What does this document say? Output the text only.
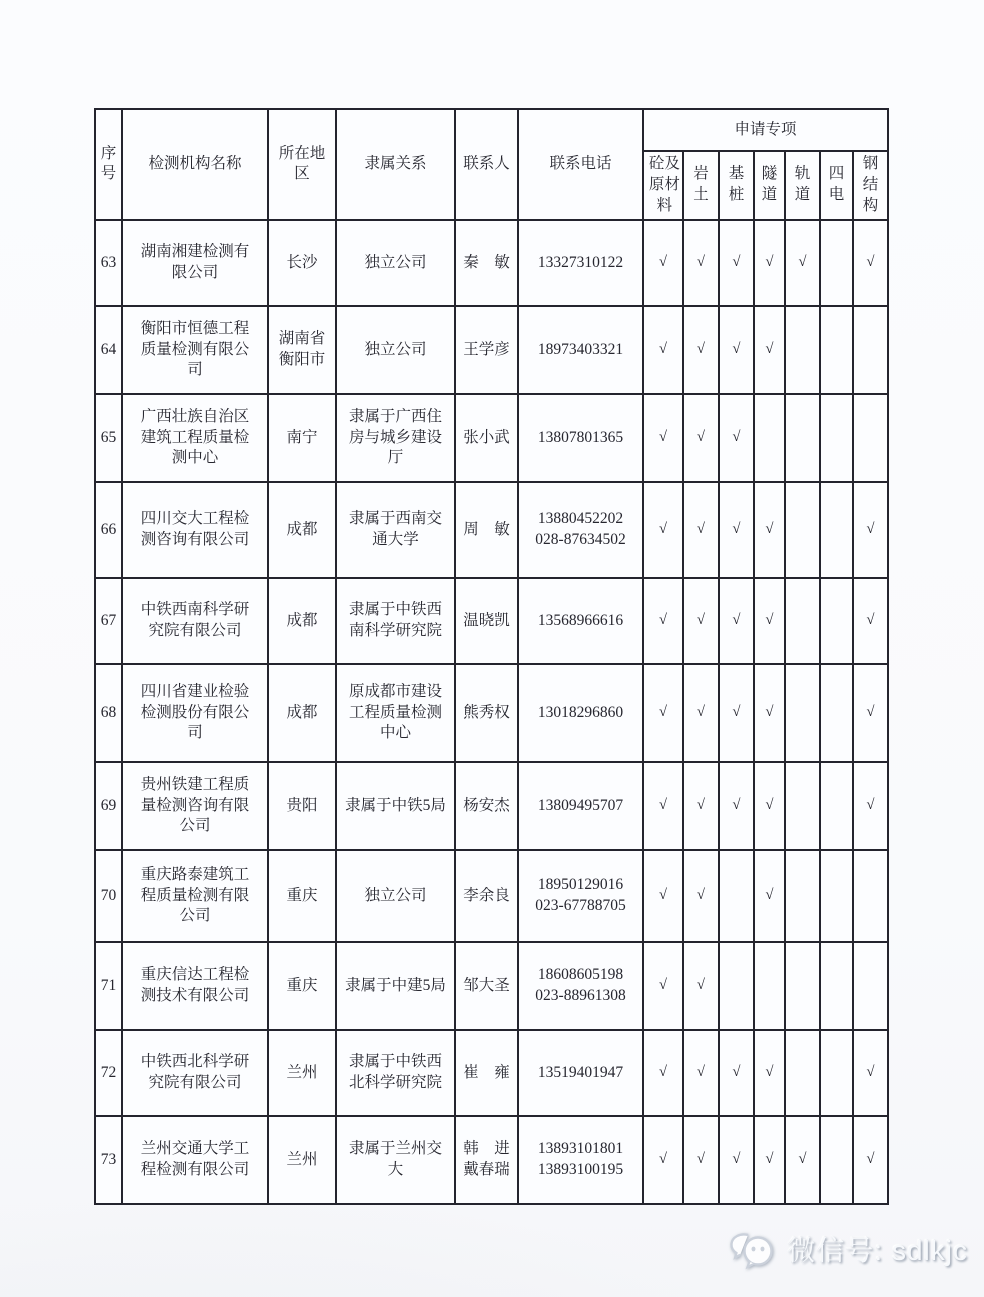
序号	检测机构名称	所在地区	隶属关系	联系人	联系电话	申请专项						

						砼及原材料	岩土	基桩	隧道	轨道	四电	钢结构

63	湖南湘建检测有限公司	长沙	独立公司	秦　敏	13327310122	√	√	√	√	√		√
64	衡阳市恒德工程质量检测有限公司	湖南省衡阳市	独立公司	王学彦	18973403321	√	√	√	√			
65	广西壮族自治区建筑工程质量检测中心	南宁	隶属于广西住房与城乡建设厅	张小武	13807801365	√	√	√				
66	四川交大工程检测咨询有限公司	成都	隶属于西南交通大学	周　敏	13880452202
028-87634502	√	√	√	√			√
67	中铁西南科学研究院有限公司	成都	隶属于中铁西南科学研究院	温晓凯	13568966616	√	√	√	√			√
68	四川省建业检验检测股份有限公司	成都	原成都市建设工程质量检测中心	熊秀权	13018296860	√	√	√	√			√
69	贵州铁建工程质量检测咨询有限公司	贵阳	隶属于中铁5局	杨安杰	13809495707	√	√	√	√			√
70	重庆路泰建筑工程质量检测有限公司	重庆	独立公司	李余良	18950129016
023-67788705	√	√		√			
71	重庆信达工程检测技术有限公司	重庆	隶属于中建5局	邹大圣	18608605198
023-88961308	√	√					
72	中铁西北科学研究院有限公司	兰州	隶属于中铁西北科学研究院	崔　雍	13519401947	√	√	√	√			√
73	兰州交通大学工程检测有限公司	兰州	隶属于兰州交大	韩　进
戴春瑞	13893101801
13893100195	√	√	√	√	√		√
微信号: sdlkjc
